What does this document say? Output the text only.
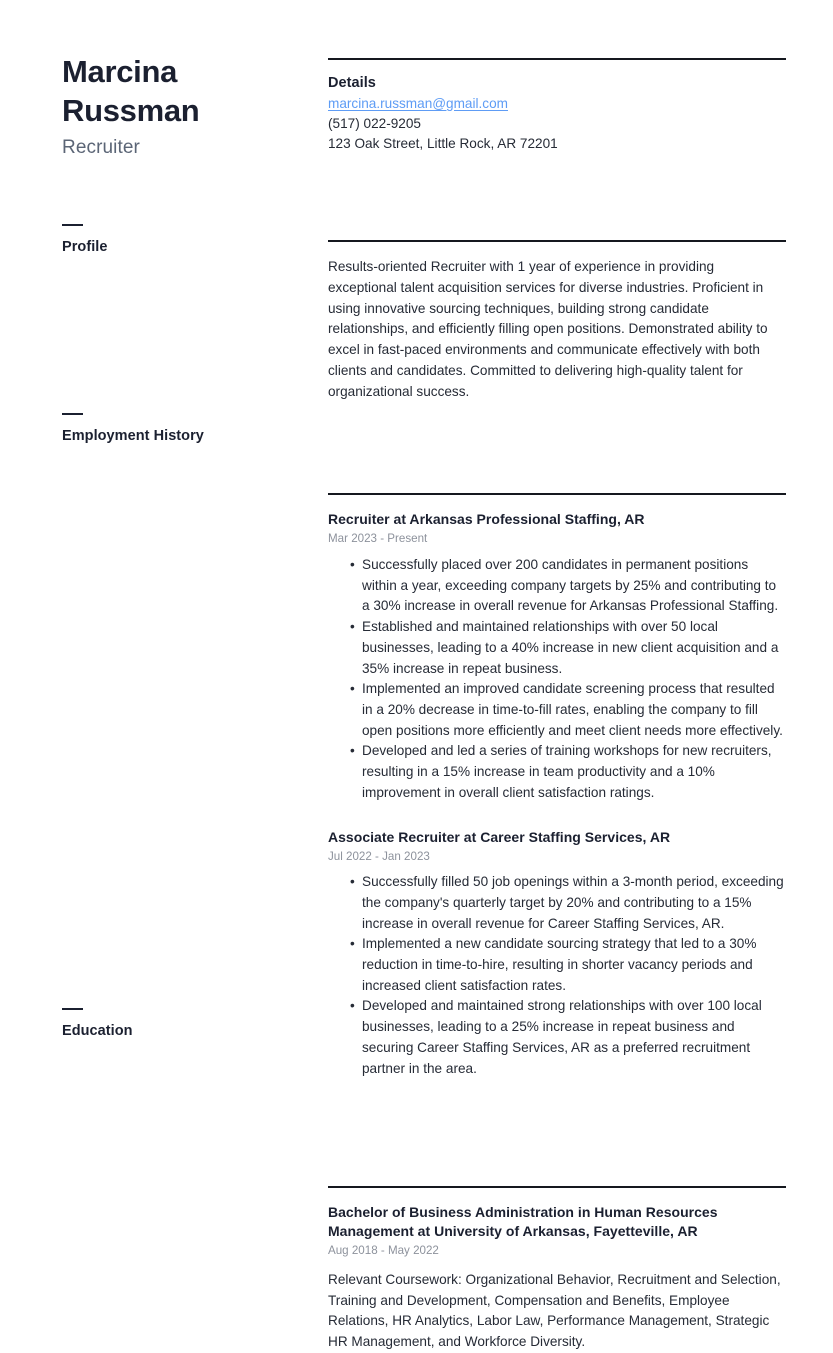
Marcina
Russman
Recruiter
Profile
Employment History
Education
Details
marcina.russman@gmail.com
(517) 022-9205
123 Oak Street, Little Rock, AR 72201

Results-oriented Recruiter with 1 year of experience in providing exceptional talent acquisition services for diverse industries. Proficient in using innovative sourcing techniques, building strong candidate relationships, and efficiently filling open positions. Demonstrated ability to excel in fast-paced environments and communicate effectively with both clients and candidates. Committed to delivering high-quality talent for organizational success.

Recruiter at Arkansas Professional Staffing, AR
Mar 2023 - Present
• Successfully placed over 200 candidates in permanent positions within a year, exceeding company targets by 25% and contributing to a 30% increase in overall revenue for Arkansas Professional Staffing.
• Established and maintained relationships with over 50 local businesses, leading to a 40% increase in new client acquisition and a 35% increase in repeat business.
• Implemented an improved candidate screening process that resulted in a 20% decrease in time-to-fill rates, enabling the company to fill open positions more efficiently and meet client needs more effectively.
• Developed and led a series of training workshops for new recruiters, resulting in a 15% increase in team productivity and a 10% improvement in overall client satisfaction ratings.
Associate Recruiter at Career Staffing Services, AR
Jul 2022 - Jan 2023
• Successfully filled 50 job openings within a 3-month period, exceeding the company's quarterly target by 20% and contributing to a 15% increase in overall revenue for Career Staffing Services, AR.
• Implemented a new candidate sourcing strategy that led to a 30% reduction in time-to-hire, resulting in shorter vacancy periods and increased client satisfaction rates.
• Developed and maintained strong relationships with over 100 local businesses, leading to a 25% increase in repeat business and securing Career Staffing Services, AR as a preferred recruitment partner in the area.
Bachelor of Business Administration in Human Resources Management at University of Arkansas, Fayetteville, AR
Aug 2018 - May 2022
Relevant Coursework: Organizational Behavior, Recruitment and Selection, Training and Development, Compensation and Benefits, Employee Relations, HR Analytics, Labor Law, Performance Management, Strategic HR Management, and Workforce Diversity.
